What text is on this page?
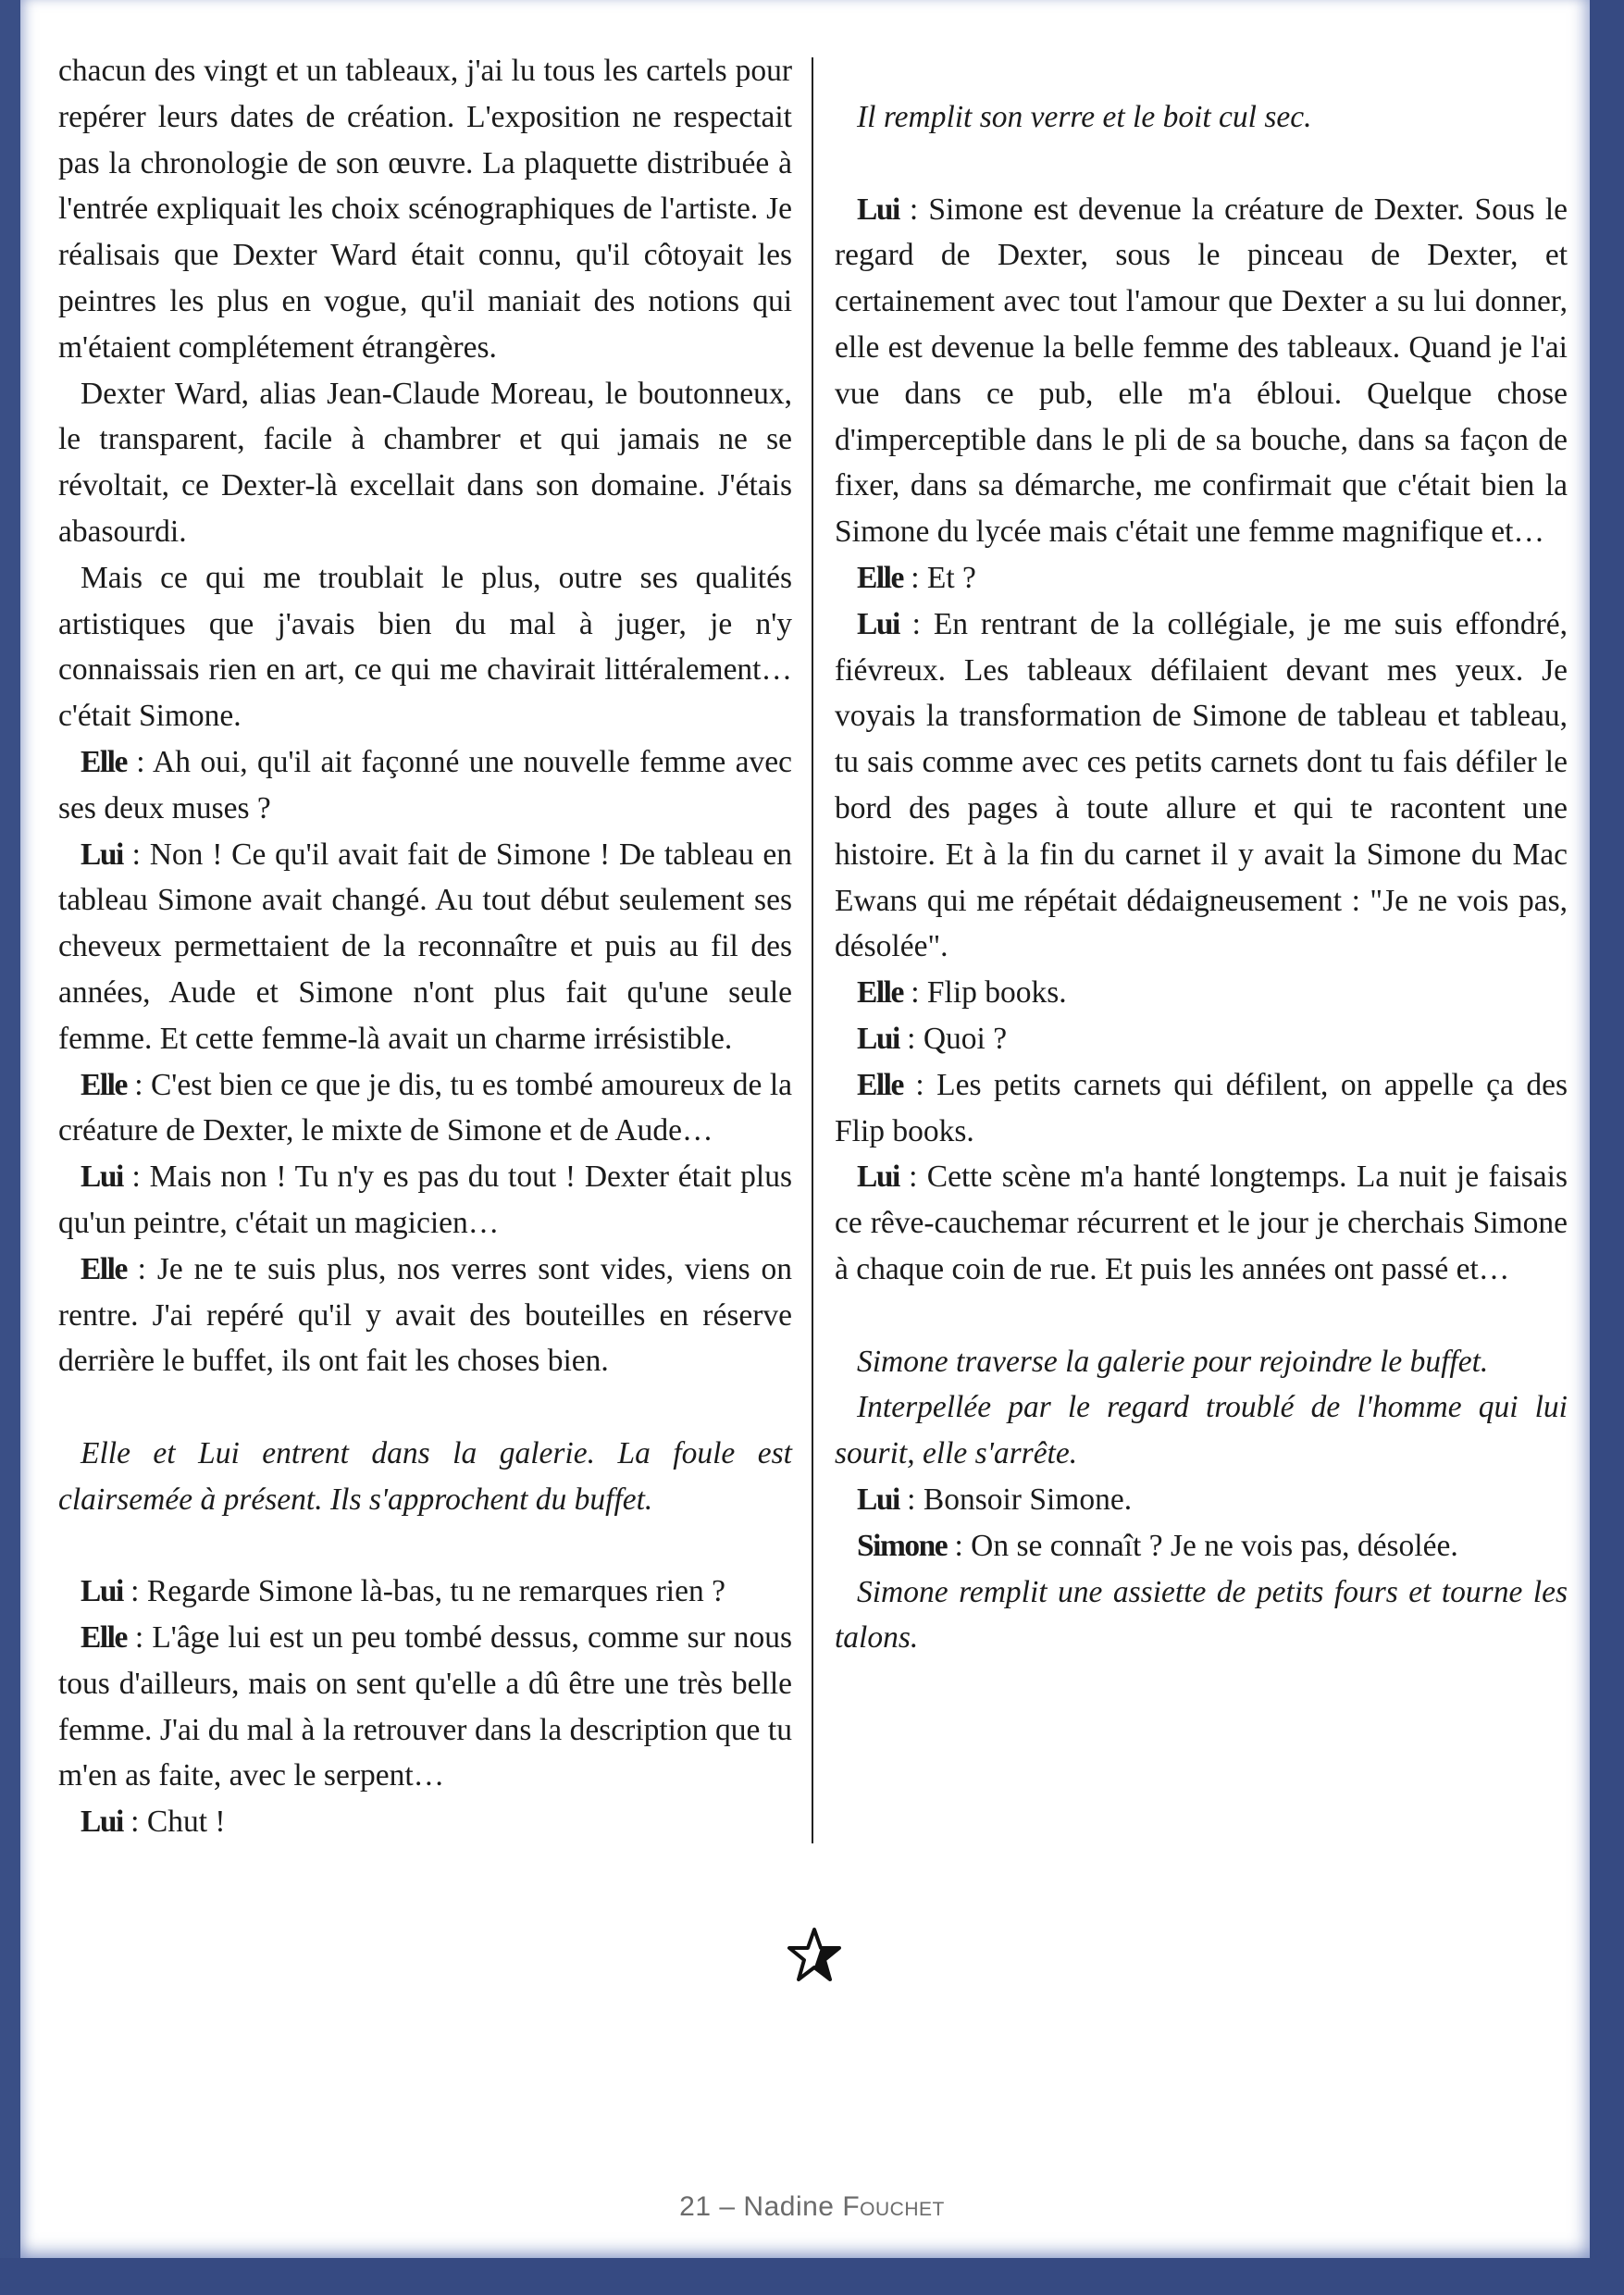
chacun des vingt et un tableaux, j'ai lu tous les cartels pour repérer leurs dates de création. L'exposition ne respectait pas la chronologie de son œuvre. La plaquette distribuée à l'entrée expliquait les choix scénographiques de l'artiste. Je réalisais que Dexter Ward était connu, qu'il côtoyait les peintres les plus en vogue, qu'il maniait des notions qui m'étaient complétement étrangères.

Dexter Ward, alias Jean-Claude Moreau, le boutonneux, le transparent, facile à chambrer et qui jamais ne se révoltait, ce Dexter-là excellait dans son domaine. J'étais abasourdi.

Mais ce qui me troublait le plus, outre ses qualités artistiques que j'avais bien du mal à juger, je n'y connaissais rien en art, ce qui me chavirait littéralement… c'était Simone.

Elle : Ah oui, qu'il ait façonné une nouvelle femme avec ses deux muses ?

Lui : Non ! Ce qu'il avait fait de Simone ! De tableau en tableau Simone avait changé. Au tout début seulement ses cheveux permettaient de la reconnaître et puis au fil des années, Aude et Simone n'ont plus fait qu'une seule femme. Et cette femme-là avait un charme irrésistible.

Elle : C'est bien ce que je dis, tu es tombé amoureux de la créature de Dexter, le mixte de Simone et de Aude…

Lui : Mais non ! Tu n'y es pas du tout ! Dexter était plus qu'un peintre, c'était un magicien…

Elle : Je ne te suis plus, nos verres sont vides, viens on rentre. J'ai repéré qu'il y avait des bouteilles en réserve derrière le buffet, ils ont fait les choses bien.

Elle et Lui entrent dans la galerie. La foule est clairsemée à présent. Ils s'approchent du buffet.

Lui : Regarde Simone là-bas, tu ne remarques rien ?

Elle : L'âge lui est un peu tombé dessus, comme sur nous tous d'ailleurs, mais on sent qu'elle a dû être une très belle femme. J'ai du mal à la retrouver dans la description que tu m'en as faite, avec le serpent…

Lui : Chut !

Il remplit son verre et le boit cul sec.

Lui : Simone est devenue la créature de Dexter. Sous le regard de Dexter, sous le pinceau de Dexter, et certainement avec tout l'amour que Dexter a su lui donner, elle est devenue la belle femme des tableaux. Quand je l'ai vue dans ce pub, elle m'a ébloui. Quelque chose d'imperceptible dans le pli de sa bouche, dans sa façon de fixer, dans sa démarche, me confirmait que c'était bien la Simone du lycée mais c'était une femme magnifique et…

Elle : Et ?

Lui : En rentrant de la collégiale, je me suis effondré, fiévreux. Les tableaux défilaient devant mes yeux. Je voyais la transformation de Simone de tableau et tableau, tu sais comme avec ces petits carnets dont tu fais défiler le bord des pages à toute allure et qui te racontent une histoire. Et à la fin du carnet il y avait la Simone du Mac Ewans qui me répétait dédaigneusement : "Je ne vois pas, désolée".

Elle : Flip books.

Lui : Quoi ?

Elle : Les petits carnets qui défilent, on appelle ça des Flip books.

Lui : Cette scène m'a hanté longtemps. La nuit je faisais ce rêve-cauchemar récurrent et le jour je cherchais Simone à chaque coin de rue. Et puis les années ont passé et…

Simone traverse la galerie pour rejoindre le buffet.

Interpellée par le regard troublé de l'homme qui lui sourit, elle s'arrête.

Lui : Bonsoir Simone.

Simone : On se connaît ? Je ne vois pas, désolée.

Simone remplit une assiette de petits fours et tourne les talons.

21 – Nadine Fouchet
